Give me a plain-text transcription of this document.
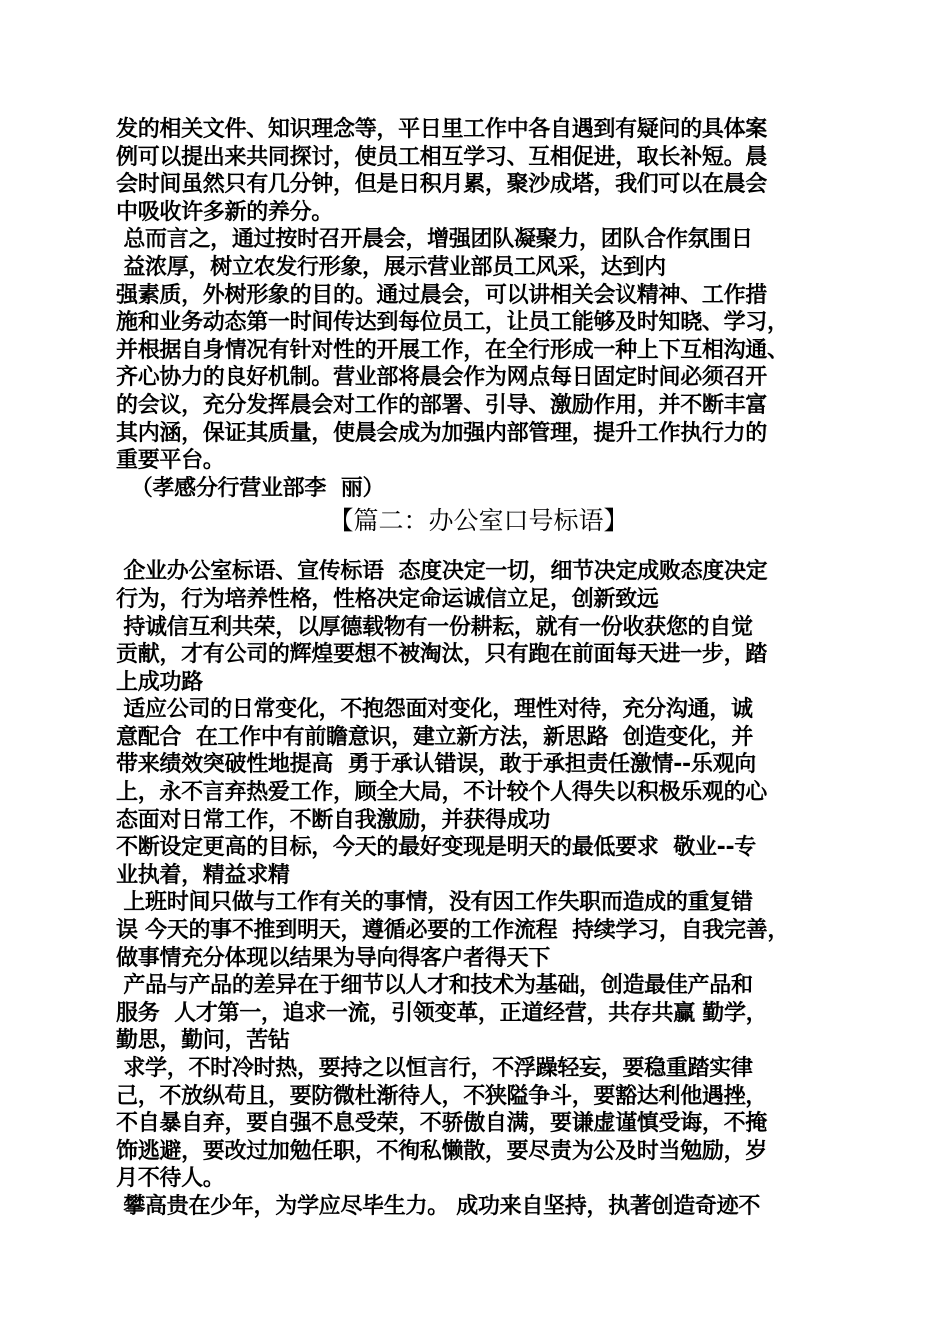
发的相关文件、知识理念等，平日里工作中各自遇到有疑问的具体案
例可以提出来共同探讨，使员工相互学习、互相促进，取长补短。晨
会时间虽然只有几分钟，但是日积月累，聚沙成塔，我们可以在晨会
中吸收许多新的养分。
总而言之，通过按时召开晨会，增强团队凝聚力，团队合作氛围日
益浓厚，树立农发行形象，展示营业部员工风采，达到内
强素质，外树形象的目的。通过晨会，可以讲相关会议精神、工作措
施和业务动态第一时间传达到每位员工，让员工能够及时知晓、学习，
并根据自身情况有针对性的开展工作，在全行形成一种上下互相沟通、
齐心协力的良好机制。营业部将晨会作为网点每日固定时间必须召开
的会议，充分发挥晨会对工作的部署、引导、激励作用，并不断丰富
其内涵，保证其质量，使晨会成为加强内部管理，提升工作执行力的
重要平台。
（孝感分行营业部李  丽）
【篇二：办公室口号标语】
企业办公室标语、宣传标语  态度决定一切，细节决定成败态度决定
行为，行为培养性格，性格决定命运诚信立足，创新致远
持诚信互利共荣，以厚德载物有一份耕耘，就有一份收获您的自觉
贡献，才有公司的辉煌要想不被淘汰，只有跑在前面每天进一步，踏
上成功路
适应公司的日常变化，不抱怨面对变化，理性对待，充分沟通，诚
意配合  在工作中有前瞻意识，建立新方法，新思路  创造变化，并
带来绩效突破性地提高  勇于承认错误，敢于承担责任激情--乐观向
上，永不言弃热爱工作，顾全大局，不计较个人得失以积极乐观的心
态面对日常工作，不断自我激励，并获得成功
不断设定更高的目标，今天的最好变现是明天的最低要求  敬业--专
业执着，精益求精
上班时间只做与工作有关的事情，没有因工作失职而造成的重复错
误 今天的事不推到明天，遵循必要的工作流程  持续学习，自我完善，
做事情充分体现以结果为导向得客户者得天下
产品与产品的差异在于细节以人才和技术为基础，创造最佳产品和
服务  人才第一，追求一流，引领变革，正道经营，共存共赢 勤学，
勤思，勤问，苦钻
求学，不时冷时热，要持之以恒言行，不浮躁轻妄，要稳重踏实律
己，不放纵苟且，要防微杜渐待人，不狭隘争斗，要豁达利他遇挫，
不自暴自弃，要自强不息受荣，不骄傲自满，要谦虚谨慎受诲，不掩
饰逃避，要改过加勉任职，不徇私懒散，要尽责为公及时当勉励，岁
月不待人。
攀高贵在少年，为学应尽毕生力。 成功来自坚持，执著创造奇迹不
